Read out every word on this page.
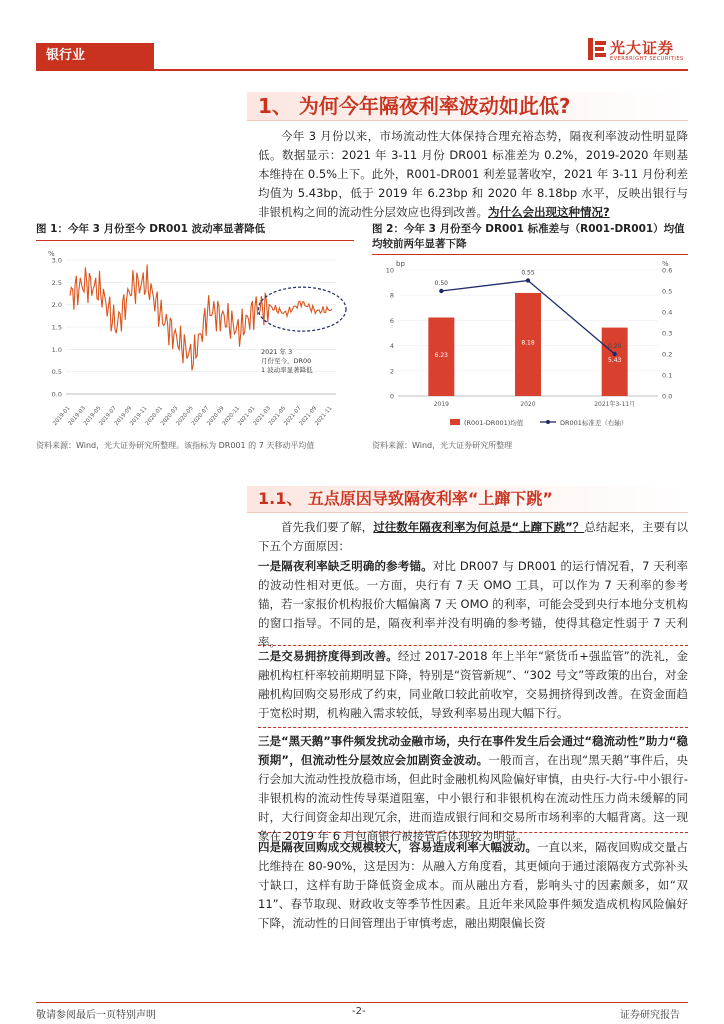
银行业	光大证券
EVERBRIGHT SECURITIES
1、 为何今年隔夜利率波动如此低?
今年 3 月份以来，市场流动性大体保持合理充裕态势，隔夜利率波动性明显降低。数据显示：2021 年 3-11 月份 DR001 标准差为 0.2%，2019-2020 年则基本维持在 0.5%上下。此外，R001-DR001 利差显著收窄，2021 年 3-11 月份利差均值为 5.43bp，低于 2019 年 6.23bp 和 2020 年 8.18bp 水平，反映出银行与非银机构之间的流动性分层效应也得到改善。为什么会出现这种情况?
图 1：今年 3 月份至今 DR001 波动率显著降低
%
0.0
0.5
1.0
1.5
2.0
2.5
3.0
2019-01
2019-03
2019-05
2019-07
2019-09
2019-11
2020-01
2020-03
2020-05
2020-07
2020-09
2020-11
2021-01
2021-03
2021-05
2021-07
2021-09
2021-11
2021 年 3 月份至今，DR00 1 波动率显著降低
资料来源：Wind，光大证券研究所整理。该指标为 DR001 的 7 天移动平均值
图 2：今年 3 月份至今 DR001 标准差与（R001-DR001）均值均较前两年显著下降
bp	%
0
2
4
6
8
10
0.0
0.1
0.2
0.3
0.4
0.5
0.6
6.23
2019
8.18
2020
5.43
2021年3-11月
0.50
0.55
0.20
(R001-DR001)均值	DR001标准差（右轴）
资料来源：Wind，光大证券研究所整理
1.1、 五点原因导致隔夜利率“上蹿下跳”
首先我们要了解，过往数年隔夜利率为何总是“上蹿下跳”？总结起来，主要有以下五个方面原因：
一是隔夜利率缺乏明确的参考锚。对比 DR007 与 DR001 的运行情况看，7 天利率的波动性相对更低。一方面，央行有 7 天 OMO 工具，可以作为 7 天利率的参考锚，若一家报价机构报价大幅偏离 7 天 OMO 的利率，可能会受到央行本地分支机构的窗口指导。不同的是，隔夜利率并没有明确的参考锚，使得其稳定性弱于 7 天利率。
二是交易拥挤度得到改善。经过 2017-2018 年上半年“紧货币+强监管”的洗礼，金融机构杠杆率较前期明显下降，特别是“资管新规”、“302 号文”等政策的出台，对金融机构回购交易形成了约束，同业敞口较此前收窄，交易拥挤得到改善。在资金面趋于宽松时期，机构融入需求较低，导致利率易出现大幅下行。
三是“黑天鹅”事件频发扰动金融市场，央行在事件发生后会通过“稳流动性”助力“稳预期”，但流动性分层效应会加剧资金波动。一般而言，在出现“黑天鹅”事件后，央行会加大流动性投放稳市场，但此时金融机构风险偏好审慎，由央行-大行-中小银行-非银机构的流动性传导渠道阻塞，中小银行和非银机构在流动性压力尚未缓解的同时，大行间资金却出现冗余，进而造成银行间和交易所市场利率的大幅背离。这一现象在 2019 年 6 月包商银行被接管后体现较为明显。
四是隔夜回购成交规模较大，容易造成利率大幅波动。一直以来，隔夜回购成交量占比维持在 80-90%，这是因为：从融入方角度看，其更倾向于通过滚隔夜方式弥补头寸缺口，这样有助于降低资金成本。而从融出方看，影响头寸的因素颇多，如“双 11”、春节取现、财政收支等季节性因素。且近年来风险事件频发造成机构风险偏好下降，流动性的日间管理出于审慎考虑，融出期限偏长资
敬请参阅最后一页特别声明	-2-	证券研究报告
